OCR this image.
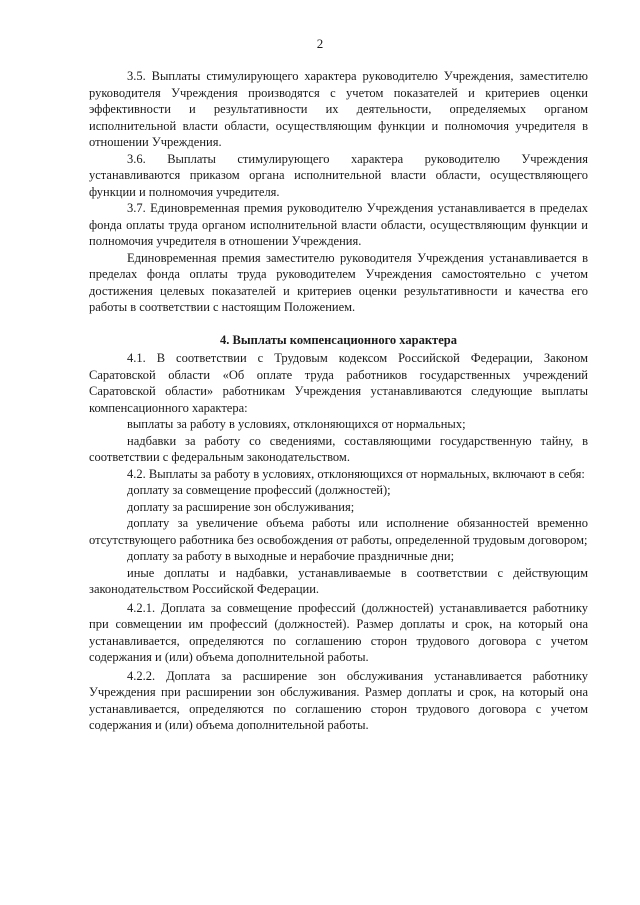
2

3.5. Выплаты стимулирующего характера руководителю Учреждения, заместителю руководителя Учреждения производятся с учетом показателей и критериев оценки эффективности и результативности их деятельности, определяемых органом исполнительной власти области, осуществляющим функции и полномочия учредителя в отношении Учреждения.

3.6. Выплаты стимулирующего характера руководителю Учреждения устанавливаются приказом органа исполнительной власти области, осуществляющего функции и полномочия учредителя.

3.7. Единовременная премия руководителю Учреждения устанавливается в пределах фонда оплаты труда органом исполнительной власти области, осуществляющим функции и полномочия учредителя в отношении Учреждения.

Единовременная премия заместителю руководителя Учреждения устанавливается в пределах фонда оплаты труда руководителем Учреждения самостоятельно с учетом достижения целевых показателей и критериев оценки результативности и качества его работы в соответствии с настоящим Положением.

4. Выплаты компенсационного характера

4.1. В соответствии с Трудовым кодексом Российской Федерации, Законом Саратовской области «Об оплате труда работников государственных учреждений Саратовской области» работникам Учреждения устанавливаются следующие выплаты компенсационного характера:

выплаты за работу в условиях, отклоняющихся от нормальных;

надбавки за работу со сведениями, составляющими государственную тайну, в соответствии с федеральным законодательством.

4.2. Выплаты за работу в условиях, отклоняющихся от нормальных, включают в себя:

доплату за совмещение профессий (должностей);

доплату за расширение зон обслуживания;

доплату за увеличение объема работы или исполнение обязанностей временно отсутствующего работника без освобождения от работы, определенной трудовым договором;

доплату за работу в выходные и нерабочие праздничные дни;

иные доплаты и надбавки, устанавливаемые в соответствии с действующим законодательством Российской Федерации.

4.2.1. Доплата за совмещение профессий (должностей) устанавливается работнику при совмещении им профессий (должностей). Размер доплаты и срок, на который она устанавливается, определяются по соглашению сторон трудового договора с учетом содержания и (или) объема дополнительной работы.

4.2.2. Доплата за расширение зон обслуживания устанавливается работнику Учреждения при расширении зон обслуживания. Размер доплаты и срок, на который она устанавливается, определяются по соглашению сторон трудового договора с учетом содержания и (или) объема дополнительной работы.
